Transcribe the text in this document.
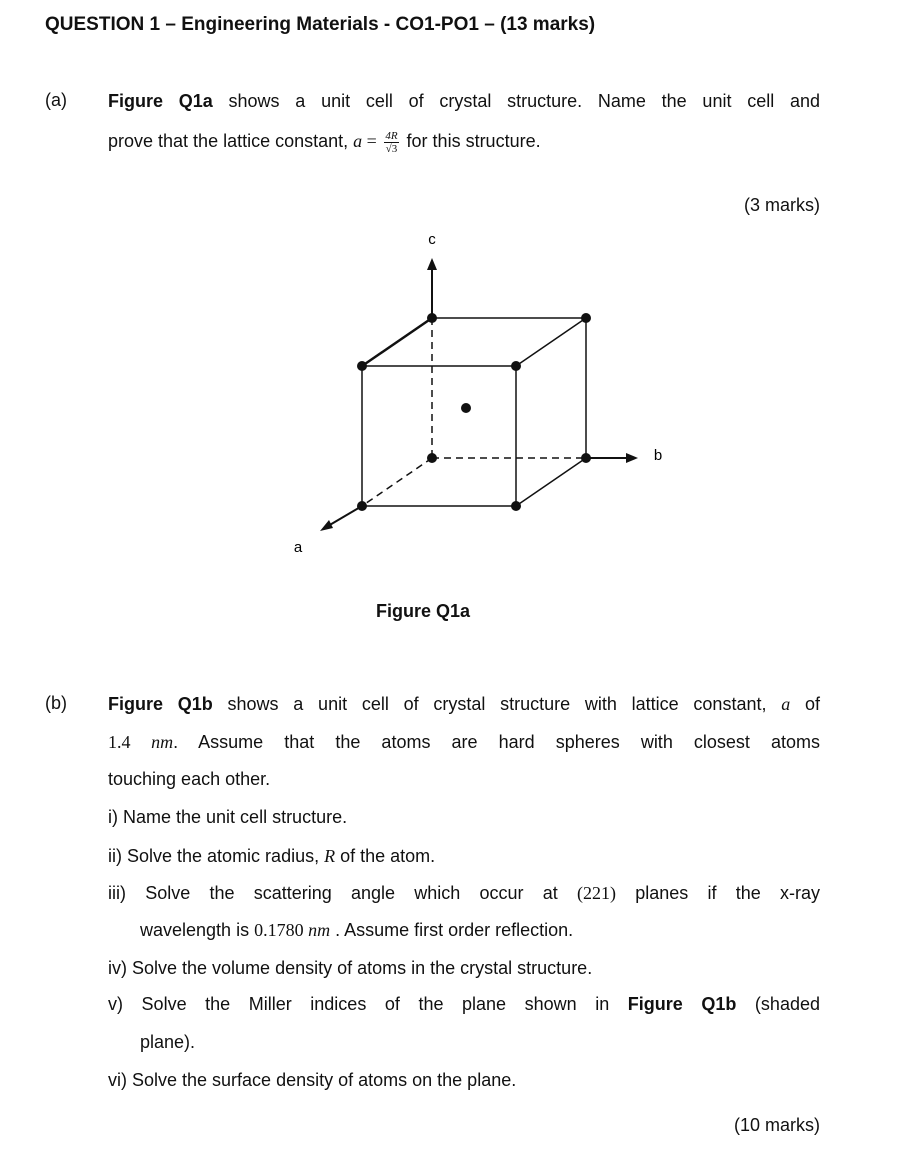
QUESTION 1 – Engineering Materials - CO1-PO1 – (13 marks)
(a) Figure Q1a shows a unit cell of crystal structure. Name the unit cell and
prove that the lattice constant, $a = \frac{4R}{√3}$ for this structure.
(3 marks)
c
b
a
Figure Q1a
(b) Figure Q1b shows a unit cell of crystal structure with lattice constant, a of
1.4 nm. Assume that the atoms are hard spheres with closest atoms
touching each other.
i) Name the unit cell structure.
ii) Solve the atomic radius, R of the atom.
iii) Solve the scattering angle which occur at (221) planes if the x-ray
wavelength is 0.1780 nm . Assume first order reflection.
iv) Solve the volume density of atoms in the crystal structure.
v) Solve the Miller indices of the plane shown in Figure Q1b (shaded
plane).
vi) Solve the surface density of atoms on the plane.
(10 marks)
